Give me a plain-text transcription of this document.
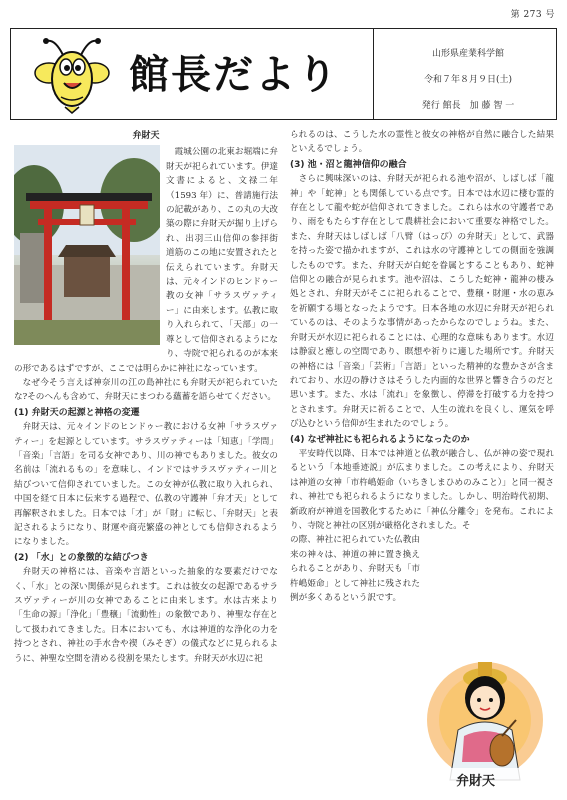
第 273 号
館長だより	山形県産業科学館
令和７年８月９日(土)
発行 館長　加 藤 智 一
弁財天

霞城公園の北東お堀端に弁財天が祀られています。伊達文書によると、文禄二年（1593 年）に、普請施行法の記載があり、この丸の大改築の際に弁財天が掘り上げられ、出羽三山信仰の参拝街道筋のこの地に安置されたと伝えられています。弁財天は、元々インドのヒンドゥー教の女神「サラスヴァティー」に由来します。仏教に取り入れられて、「天部」の一尊として信仰されるようになり、寺院で祀られるのが本来の形であるはずですが、ここでは明らかに神社になっています。

なぜ今そう言えば神奈川の江の島神社にも弁財天が祀られていたな?そのへんも含めて、弁財天にまつわる蘊蓄を語らせてください。

(1) 弁財天の起源と神格の変遷

弁財天は、元々インドのヒンドゥー教における女神「サラスヴァティー」を起源としています。サラスヴァティーは「知恵」「学問」「音楽」「言語」を司る女神であり、川の神でもありました。彼女の名前は「流れるもの」を意味し、インドではサラスヴァティー川と結びついて信仰されていました。この女神が仏教に取り入れられ、中国を経て日本に伝来する過程で、仏教の守護神「弁才天」として再解釈されました。日本では「才」が「財」に転じ、「弁財天」と表記されるようになり、財運や商売繁盛の神としても信仰されるようになりました。

(2) 「水」との象徴的な結びつき

弁財天の神格には、音楽や言語といった抽象的な要素だけでなく、「水」との深い関係が見られます。これは彼女の起源であるサラスヴァティーが川の女神であることに由来します。水は古来より「生命の源」「浄化」「豊穣」「流動性」の象徴であり、神聖な存在として扱われてきました。日本においても、水は神道的な浄化の力を持つとされ、神社の手水舎や禊（みそぎ）の儀式などに見られるように、神聖な空間を清める役割を果たします。弁財天が水辺に祀

られるのは、こうした水の霊性と彼女の神格が自然に融合した結果といえるでしょう。

(3) 池・沼と龍神信仰の融合

さらに興味深いのは、弁財天が祀られる池や沼が、しばしば「龍神」や「蛇神」とも関係している点です。日本では水辺に棲む霊的存在として龍や蛇が信仰されてきました。これらは水の守護者であり、雨をもたらす存在として農耕社会において重要な神格でした。また、弁財天はしばしば「八臂（はっぴ）の弁財天」として、武器を持った姿で描かれますが、これは水の守護神としての側面を強調したものです。また、弁財天が白蛇を眷属とすることもあり、蛇神信仰との融合が見られます。池や沼は、こうした蛇神・龍神の棲み処とされ、弁財天がそこに祀られることで、豊穣・財運・水の恵みを祈願する場となったようです。日本各地の水辺に弁財天が祀られているのは、そのような事情があったからなのでしょうね。また、弁財天が水辺に祀られることには、心理的な意味もあります。水辺は静寂と癒しの空間であり、瞑想や祈りに適した場所です。弁財天の神格には「音楽」「芸術」「言語」といった精神的な豊かさが含まれており、水辺の静けさはそうした内面的な世界と響き合うのだと思います。また、水は「流れ」を象徴し、停滞を打破する力を持つとされます。弁財天に祈ることで、人生の流れを良くし、運気を呼び込むという信仰が生まれたのでしょう。

(4) なぜ神社にも祀られるようになったのか

平安時代以降、日本では神道と仏教が融合し、仏が神の姿で現れるという「本地垂迹説」が広まりました。この考えにより、弁財天は神道の女神「市杵嶋姫命（いちきしまひめのみこと）」と同一視され、神社でも祀られるようになりました。しかし、明治時代初期、新政府が神道を国教化するために「神仏分離令」を発布。これにより、寺院と神社の区別が厳格化されました。そ

の際、神社に祀られていた仏教由来の神々は、神道の神に置き換えられることがあり、弁財天も「市杵嶋姫命」として神社に残された例が多くあるという訳です。

弁財天
